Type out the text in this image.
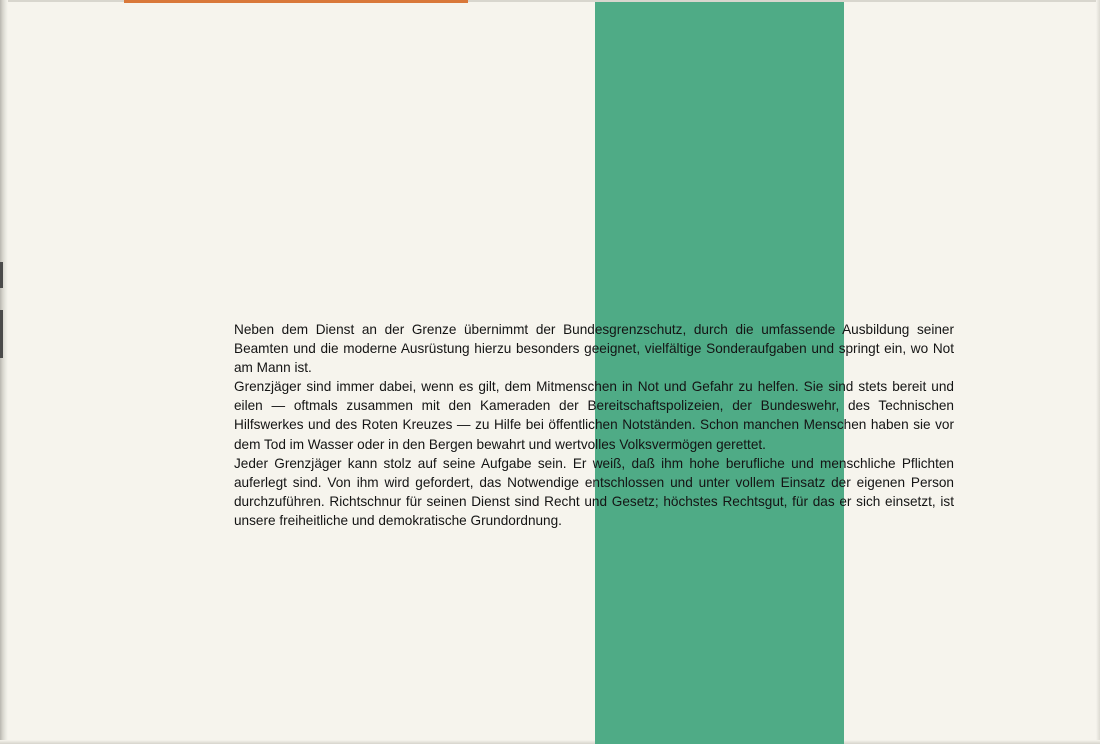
Neben dem Dienst an der Grenze übernimmt der Bundesgrenzschutz, durch die umfassende Ausbildung seiner Beamten und die moderne Ausrüstung hierzu besonders geeignet, vielfältige Sonderaufgaben und springt ein, wo Not am Mann ist.

Grenzjäger sind immer dabei, wenn es gilt, dem Mitmenschen in Not und Gefahr zu helfen. Sie sind stets bereit und eilen — oftmals zusammen mit den Kameraden der Bereitschaftspolizeien, der Bundeswehr, des Technischen Hilfswerkes und des Roten Kreuzes — zu Hilfe bei öffentlichen Notständen. Schon manchen Menschen haben sie vor dem Tod im Wasser oder in den Bergen bewahrt und wertvolles Volksvermögen gerettet.

Jeder Grenzjäger kann stolz auf seine Aufgabe sein. Er weiß, daß ihm hohe berufliche und menschliche Pflichten auferlegt sind. Von ihm wird gefordert, das Notwendige entschlossen und unter vollem Einsatz der eigenen Person durchzuführen. Richtschnur für seinen Dienst sind Recht und Gesetz; höchstes Rechtsgut, für das er sich einsetzt, ist unsere freiheitliche und demokratische Grundordnung.
